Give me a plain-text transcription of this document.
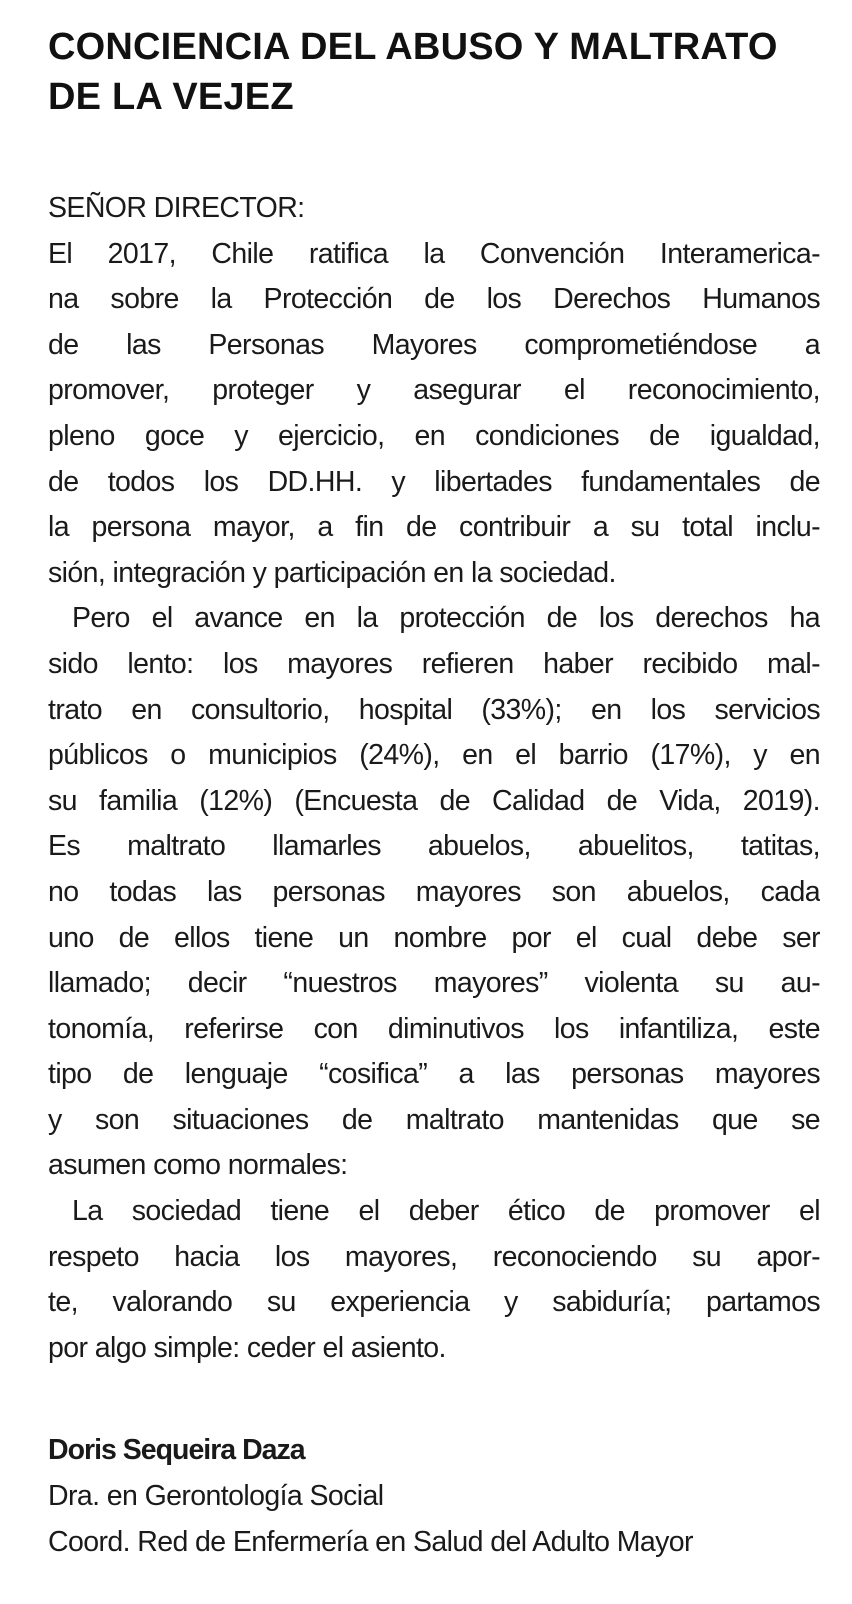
CONCIENCIA DEL ABUSO Y MALTRATO
DE LA VEJEZ
SEÑOR DIRECTOR:
El 2017, Chile ratifica la Convención Interamerica-
na sobre la Protección de los Derechos Humanos
de las Personas Mayores comprometiéndose a
promover, proteger y asegurar el reconocimiento,
pleno goce y ejercicio, en condiciones de igualdad,
de todos los DD.HH. y libertades fundamentales de
la persona mayor, a fin de contribuir a su total inclu-
sión, integración y participación en la sociedad.
Pero el avance en la protección de los derechos ha
sido lento: los mayores refieren haber recibido mal-
trato en consultorio, hospital (33%); en los servicios
públicos o municipios (24%), en el barrio (17%), y en
su familia (12%) (Encuesta de Calidad de Vida, 2019).
Es maltrato llamarles abuelos, abuelitos, tatitas,
no todas las personas mayores son abuelos, cada
uno de ellos tiene un nombre por el cual debe ser
llamado; decir “nuestros mayores” violenta su au-
tonomía, referirse con diminutivos los infantiliza, este
tipo de lenguaje “cosifica” a las personas mayores
y son situaciones de maltrato mantenidas que se
asumen como normales:
La sociedad tiene el deber ético de promover el
respeto hacia los mayores, reconociendo su apor-
te, valorando su experiencia y sabiduría; partamos
por algo simple: ceder el asiento.
Doris Sequeira Daza
Dra. en Gerontología Social
Coord. Red de Enfermería en Salud del Adulto Mayor
